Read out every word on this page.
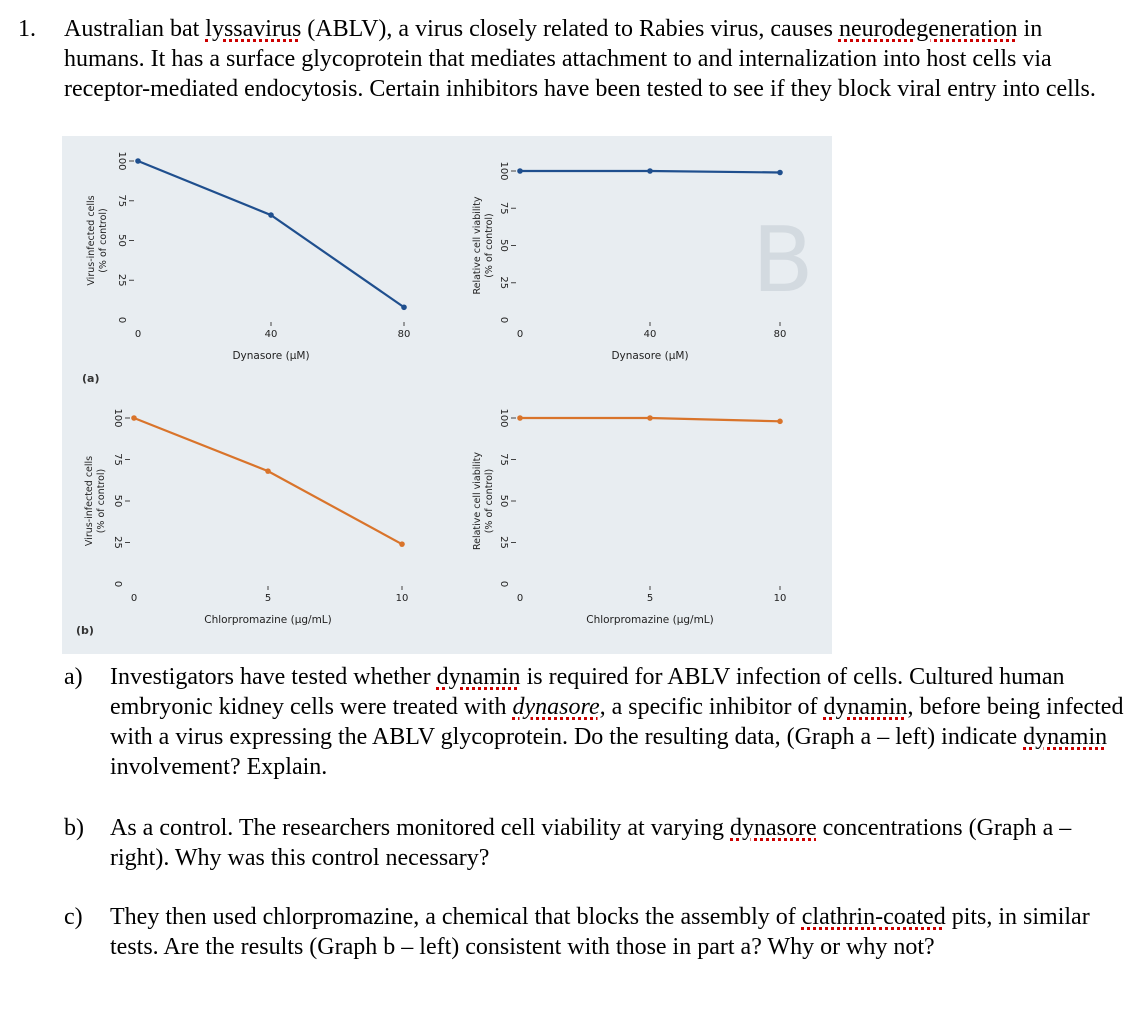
1. Australian bat lyssavirus (ABLV), a virus closely related to Rabies virus, causes neurodegeneration in humans. It has a surface glycoprotein that mediates attachment to and internalization into host cells via receptor-mediated endocytosis. Certain inhibitors have been tested to see if they block viral entry into cells.
B
(a)
(b)
0	40	80
0
25
50
75
100
Dynasore (μM)
Virus-infected cells (% of control)
0	40	80
0
25
50
75
100
Dynasore (μM)
Relative cell viability (% of control)
0	5	10
0
25
50
75
100
Chlorpromazine (μg/mL)
Virus-infected cells (% of control)
0	5	10
0
25
50
75
100
Chlorpromazine (μg/mL)
Relative cell viability (% of control)
a) Investigators have tested whether dynamin is required for ABLV infection of cells. Cultured human embryonic kidney cells were treated with dynasore, a specific inhibitor of dynamin, before being infected with a virus expressing the ABLV glycoprotein. Do the resulting data, (Graph a – left) indicate dynamin involvement? Explain.
b) As a control. The researchers monitored cell viability at varying dynasore concentrations (Graph a – right). Why was this control necessary?
c) They then used chlorpromazine, a chemical that blocks the assembly of clathrin-coated pits, in similar tests. Are the results (Graph b – left) consistent with those in part a? Why or why not?
